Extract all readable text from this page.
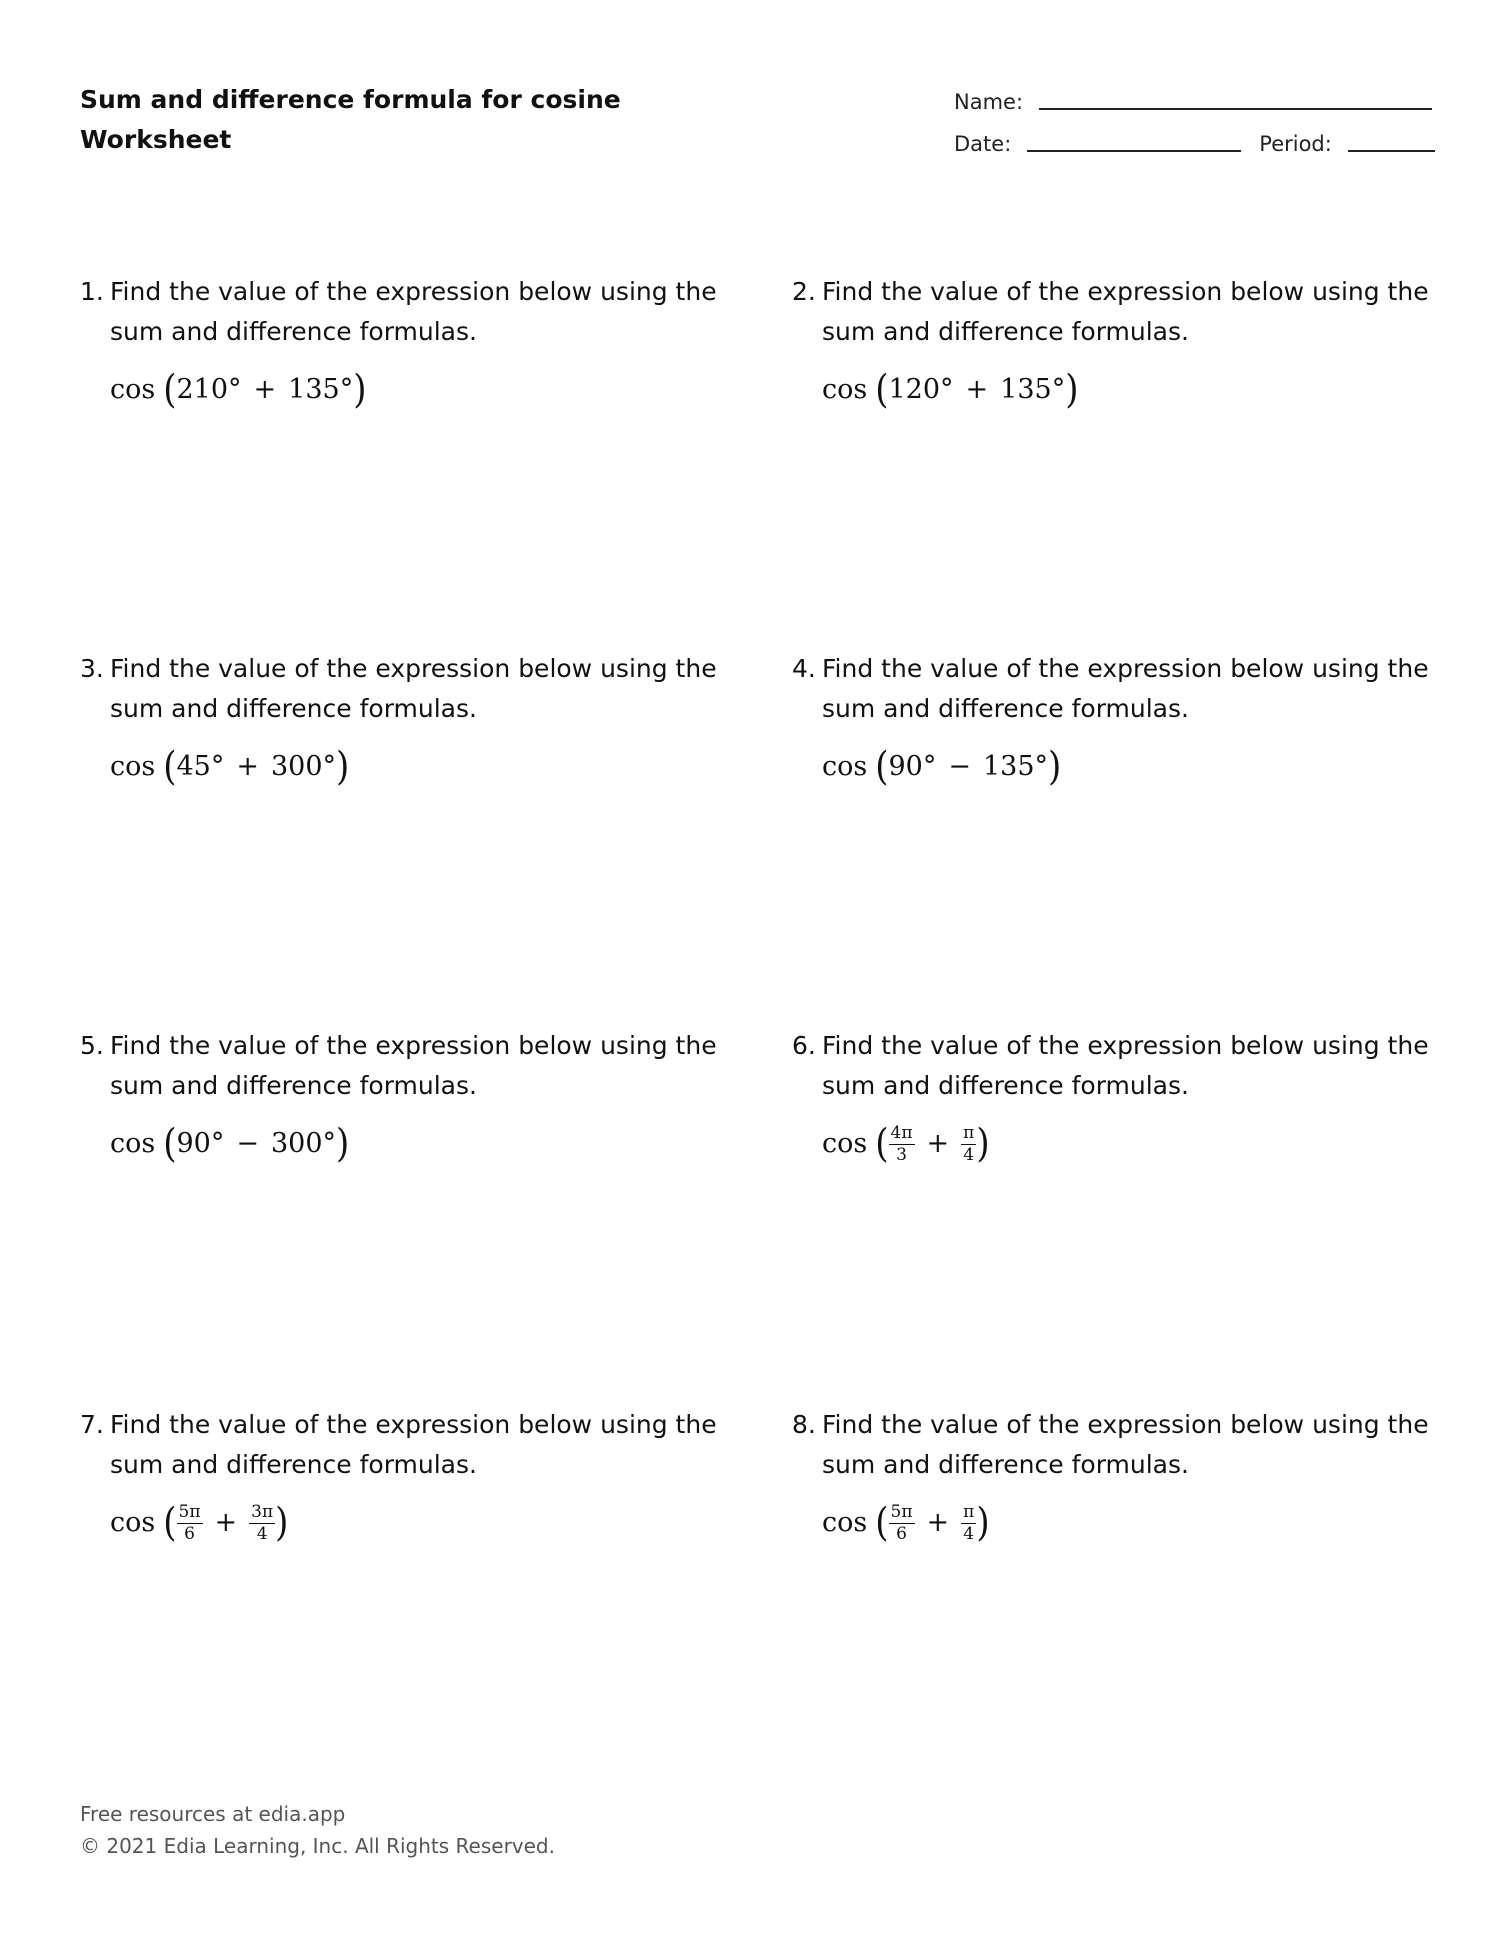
Sum and difference formula for cosine
Worksheet
Name:
Date:	Period:
1. Find the value of the expression below using the sum and difference formulas.
cos ( 210° + 135° )
2. Find the value of the expression below using the sum and difference formulas.
cos ( 120° + 135° )
3. Find the value of the expression below using the sum and difference formulas.
cos ( 45° + 300° )
4. Find the value of the expression below using the sum and difference formulas.
cos ( 90° − 135° )
5. Find the value of the expression below using the sum and difference formulas.
cos ( 90° − 300° )
6. Find the value of the expression below using the sum and difference formulas.
cos ( $\frac{4\pi}{3} + \frac{\pi}{4}$ )
7. Find the value of the expression below using the sum and difference formulas.
cos ( $\frac{5\pi}{6} + \frac{3\pi}{4}$ )
8. Find the value of the expression below using the sum and difference formulas.
cos ( $\frac{5\pi}{6} + \frac{\pi}{4}$ )
Free resources at edia.app
© 2021 Edia Learning, Inc. All Rights Reserved.
